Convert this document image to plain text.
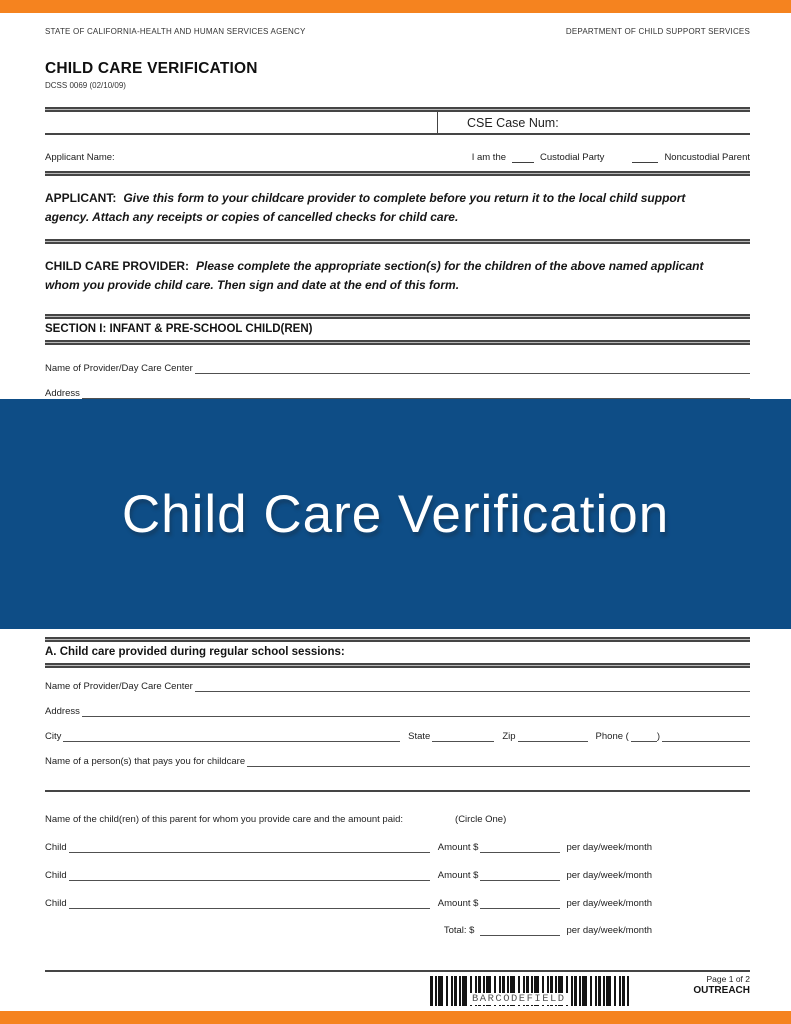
STATE OF CALIFORNIA-HEALTH AND HUMAN SERVICES AGENCY	DEPARTMENT OF CHILD SUPPORT SERVICES
CHILD CARE VERIFICATION
DCSS 0069 (02/10/09)
CSE Case Num:
Applicant Name:	I am the	Custodial Party	Noncustodial Parent

APPLICANT: Give this form to your childcare provider to complete before you return it to the local child support agency. Attach any receipts or copies of cancelled checks for child care.

CHILD CARE PROVIDER: Please complete the appropriate section(s) for the children of the above named applicant whom you provide child care. Then sign and date at the end of this form.

SECTION I: INFANT & PRE-SCHOOL CHILD(REN)
Name of Provider/Day Care Center
Address
Child Care Verification
A. Child care provided during regular school sessions:
Name of Provider/Day Care Center
Address
City	State	Zip	Phone (	)
Name of a person(s) that pays you for childcare
Name of the child(ren) of this parent for whom you provide care and the amount paid:	(Circle One)
Child	Amount $	per day/week/month
Child	Amount $	per day/week/month
Child	Amount $	per day/week/month
Total: $	per day/week/month
BARCODEFIELD
Page 1 of 2
OUTREACH
